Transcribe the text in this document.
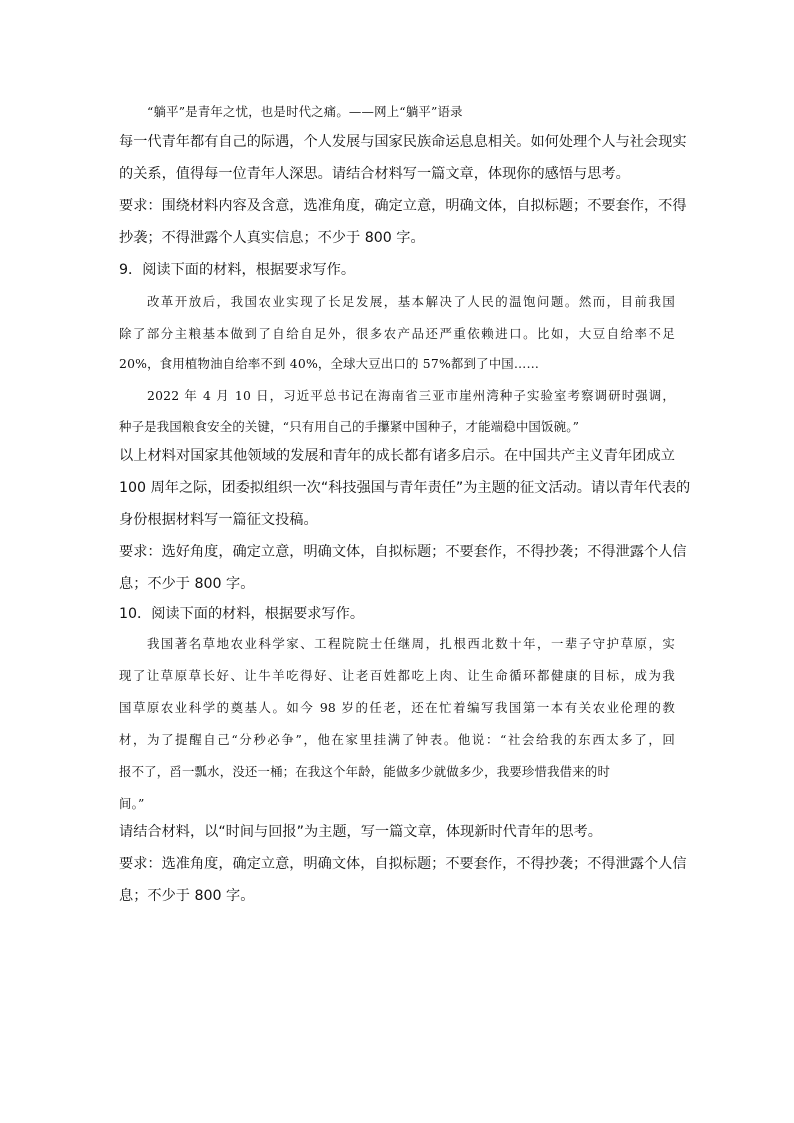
“躺平”是青年之忧，也是时代之痛。——网上“躺平”语录
每一代青年都有自己的际遇，个人发展与国家民族命运息息相关。如何处理个人与社会现实
的关系，值得每一位青年人深思。请结合材料写一篇文章，体现你的感悟与思考。
要求：围绕材料内容及含意，选准角度，确定立意，明确文体，自拟标题；不要套作，不得
抄袭；不得泄露个人真实信息；不少于 800 字。
9．阅读下面的材料，根据要求写作。
改革开放后，我国农业实现了长足发展，基本解决了人民的温饱问题。然而，目前我国
除了部分主粮基本做到了自给自足外，很多农产品还严重依赖进口。比如，大豆自给率不足
20%，食用植物油自给率不到 40%，全球大豆出口的 57%都到了中国……
2022 年 4 月 10 日，习近平总书记在海南省三亚市崖州湾种子实验室考察调研时强调，
种子是我国粮食安全的关键，“只有用自己的手攥紧中国种子，才能端稳中国饭碗。”
以上材料对国家其他领域的发展和青年的成长都有诸多启示。在中国共产主义青年团成立
100 周年之际，团委拟组织一次“科技强国与青年责任”为主题的征文活动。请以青年代表的
身份根据材料写一篇征文投稿。
要求：选好角度，确定立意，明确文体，自拟标题；不要套作，不得抄袭；不得泄露个人信
息；不少于 800 字。
10．阅读下面的材料，根据要求写作。
我国著名草地农业科学家、工程院院士任继周，扎根西北数十年，一辈子守护草原，实
现了让草原草长好、让牛羊吃得好、让老百姓都吃上肉、让生命循环都健康的目标，成为我
国草原农业科学的奠基人。如今 98 岁的任老，还在忙着编写我国第一本有关农业伦理的教
材，为了提醒自己“分秒必争”，他在家里挂满了钟表。他说：“社会给我的东西太多了，回
报不了，舀一瓢水，没还一桶；在我这个年龄，能做多少就做多少，我要珍惜我借来的时
间。”
请结合材料，以“时间与回报”为主题，写一篇文章，体现新时代青年的思考。
要求：选准角度，确定立意，明确文体，自拟标题；不要套作，不得抄袭；不得泄露个人信
息；不少于 800 字。
